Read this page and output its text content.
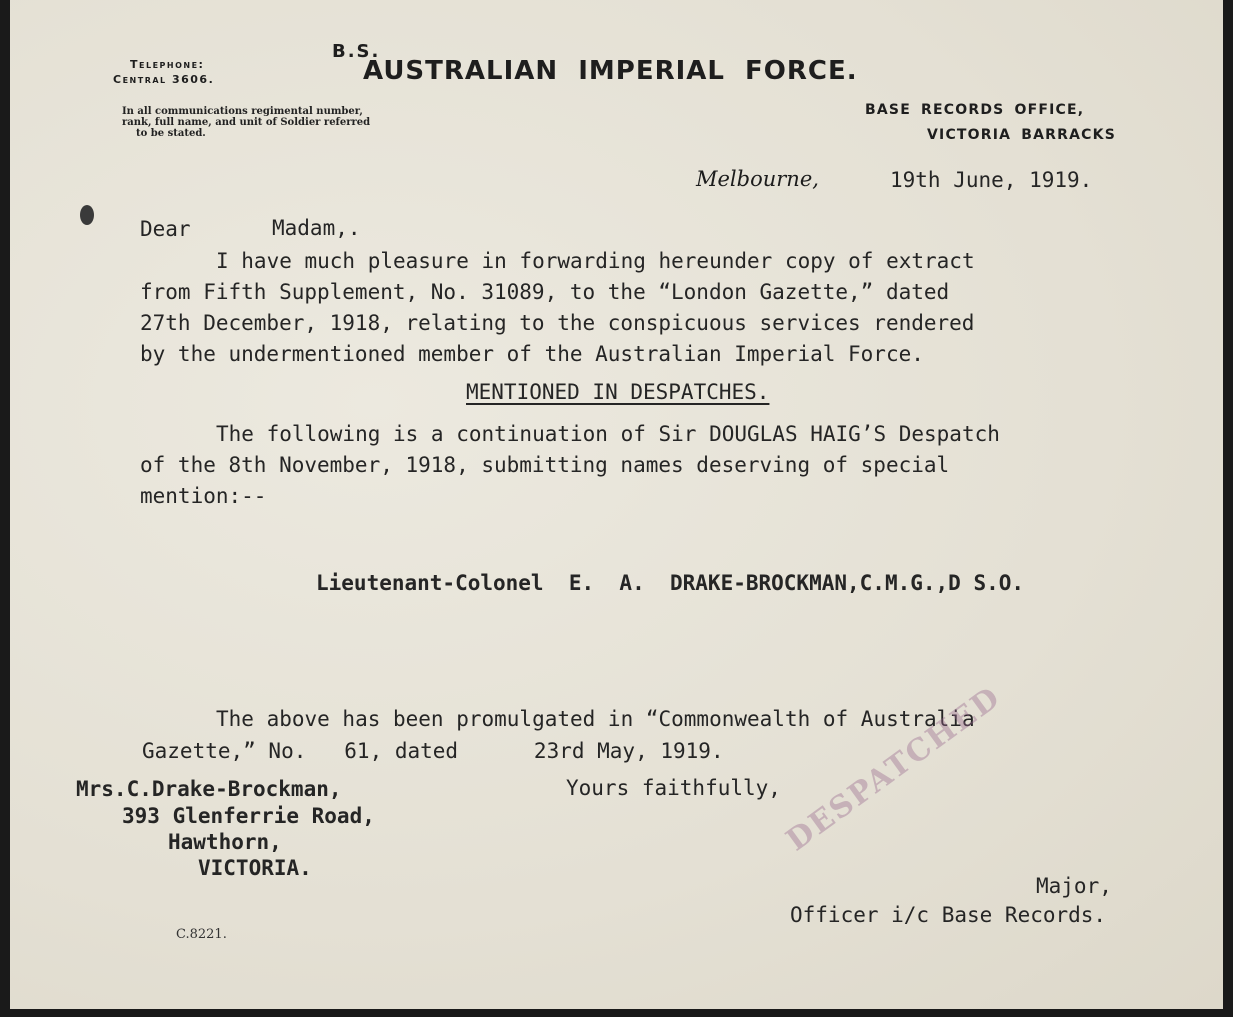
Telephone:
Central 3606.
In all communications regimental number,
rank, full name, and unit of Soldier referred
to be stated.
B.S.
AUSTRALIAN IMPERIAL FORCE.
BASE RECORDS OFFICE,
VICTORIA BARRACKS
Melbourne,	19th June, 1919.
Dear	Madam,.
I have much pleasure in forwarding hereunder copy of extract
from Fifth Supplement, No. 31089, to the “London Gazette,” dated
27th December, 1918, relating to the conspicuous services rendered
by the undermentioned member of the Australian Imperial Force.
MENTIONED IN DESPATCHES.
The following is a continuation of Sir DOUGLAS HAIG’S Despatch
of the 8th November, 1918, submitting names deserving of special
mention:--
Lieutenant-Colonel  E.  A.  DRAKE-BROCKMAN,C.M.G.,D S.O.
The above has been promulgated in “Commonwealth of Australia
Gazette,” No.   61, dated      23rd May, 1919.
Yours faithfully,
Mrs.C.Drake-Brockman,
393 Glenferrie Road,
Hawthorn,
VICTORIA.
DESPATCHED
Major,
Officer i/c Base Records.
C.8221.
